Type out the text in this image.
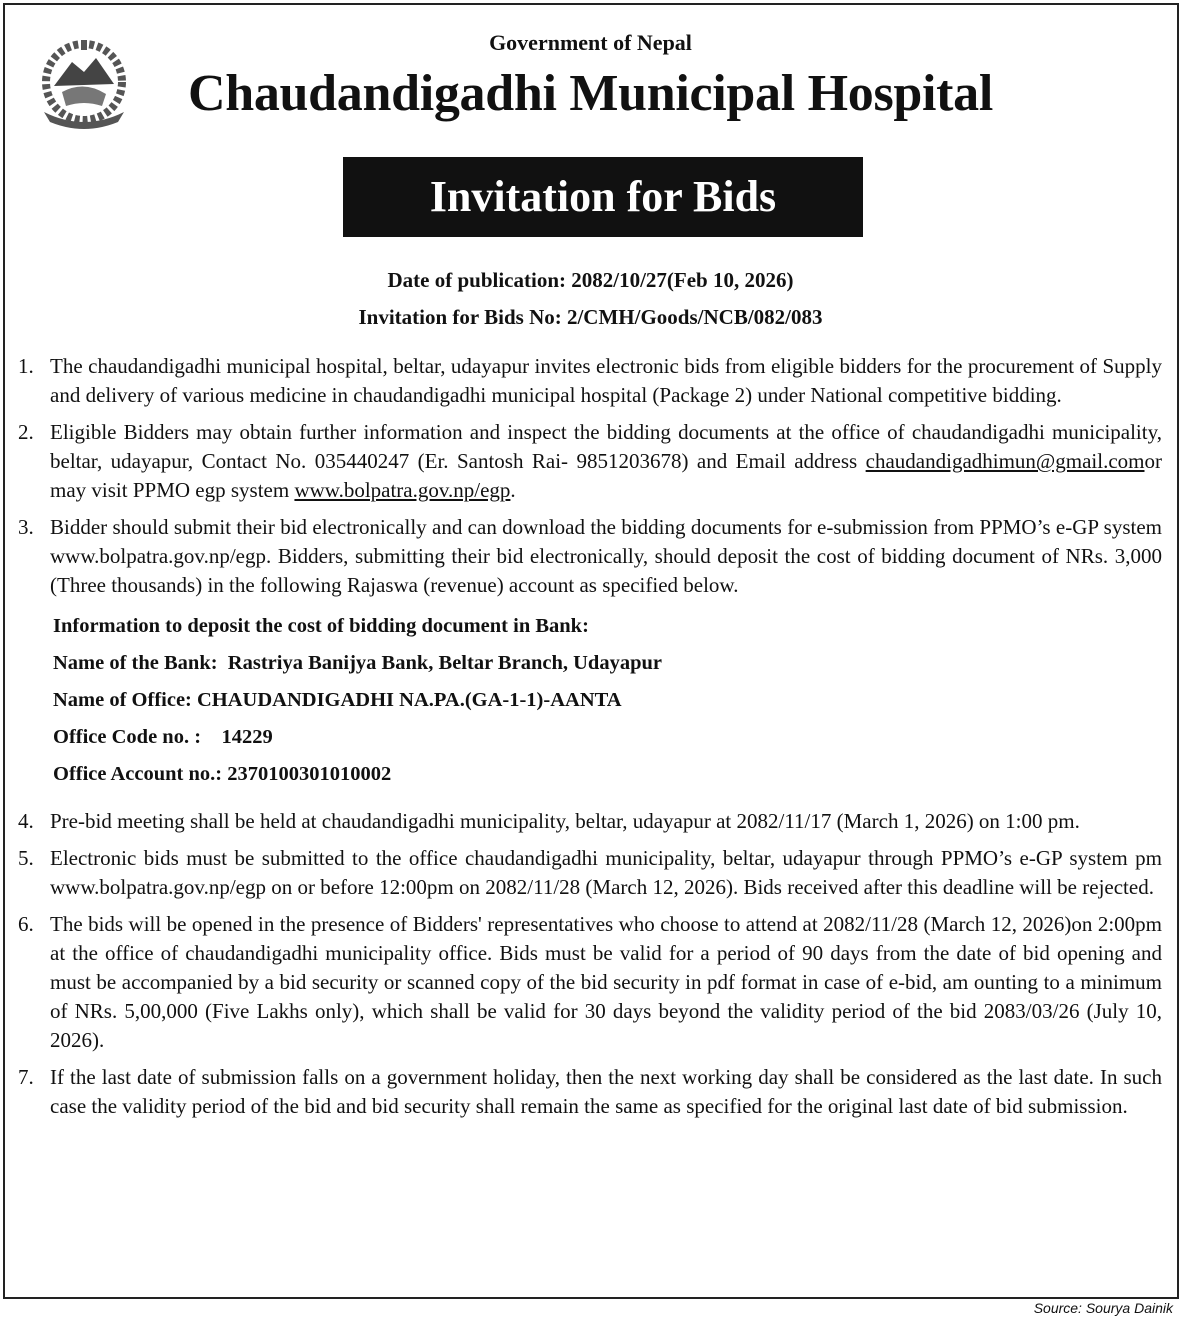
Government of Nepal
Chaudandigadhi Municipal Hospital
Invitation for Bids
Date of publication: 2082/10/27(Feb 10, 2026)
Invitation for Bids No: 2/CMH/Goods/NCB/082/083
1. The chaudandigadhi municipal hospital, beltar, udayapur invites electronic bids from eligible bidders for the procurement of Supply and delivery of various medicine in chaudandigadhi municipal hospital (Package 2) under National competitive bidding.
2. Eligible Bidders may obtain further information and inspect the bidding documents at the office of chaudandigadhi municipality, beltar, udayapur, Contact No. 035440247 (Er. Santosh Rai- 9851203678) and Email address chaudandigadhimun@gmail.comor may visit PPMO egp system www.bolpatra.gov.np/egp.
3. Bidder should submit their bid electronically and can download the bidding documents for e-submission from PPMO’s e-GP system www.bolpatra.gov.np/egp. Bidders, submitting their bid electronically, should deposit the cost of bidding document of NRs. 3,000 (Three thousands) in the following Rajaswa (revenue) account as specified below.
Information to deposit the cost of bidding document in Bank:
Name of the Bank:  Rastriya Banijya Bank, Beltar Branch, Udayapur
Name of Office: CHAUDANDIGADHI NA.PA.(GA-1-1)-AANTA
Office Code no. :    14229
Office Account no.: 2370100301010002
4. Pre-bid meeting shall be held at chaudandigadhi municipality, beltar, udayapur at 2082/11/17 (March 1, 2026) on 1:00 pm.
5. Electronic bids must be submitted to the office chaudandigadhi municipality, beltar, udayapur through PPMO’s e-GP system pm www.bolpatra.gov.np/egp on or before 12:00pm on 2082/11/28 (March 12, 2026). Bids received after this deadline will be rejected.
6. The bids will be opened in the presence of Bidders' representatives who choose to attend at 2082/11/28 (March 12, 2026)on 2:00pm at the office of chaudandigadhi municipality office. Bids must be valid for a period of 90 days from the date of bid opening and must be accompanied by a bid security or scanned copy of the bid security in pdf format in case of e-bid, am ounting to a minimum of NRs. 5,00,000 (Five Lakhs only), which shall be valid for 30 days beyond the validity period of the bid 2083/03/26 (July 10, 2026).
7. If the last date of submission falls on a government holiday, then the next working day shall be considered as the last date. In such case the validity period of the bid and bid security shall remain the same as specified for the original last date of bid submission.
Source: Sourya Dainik
